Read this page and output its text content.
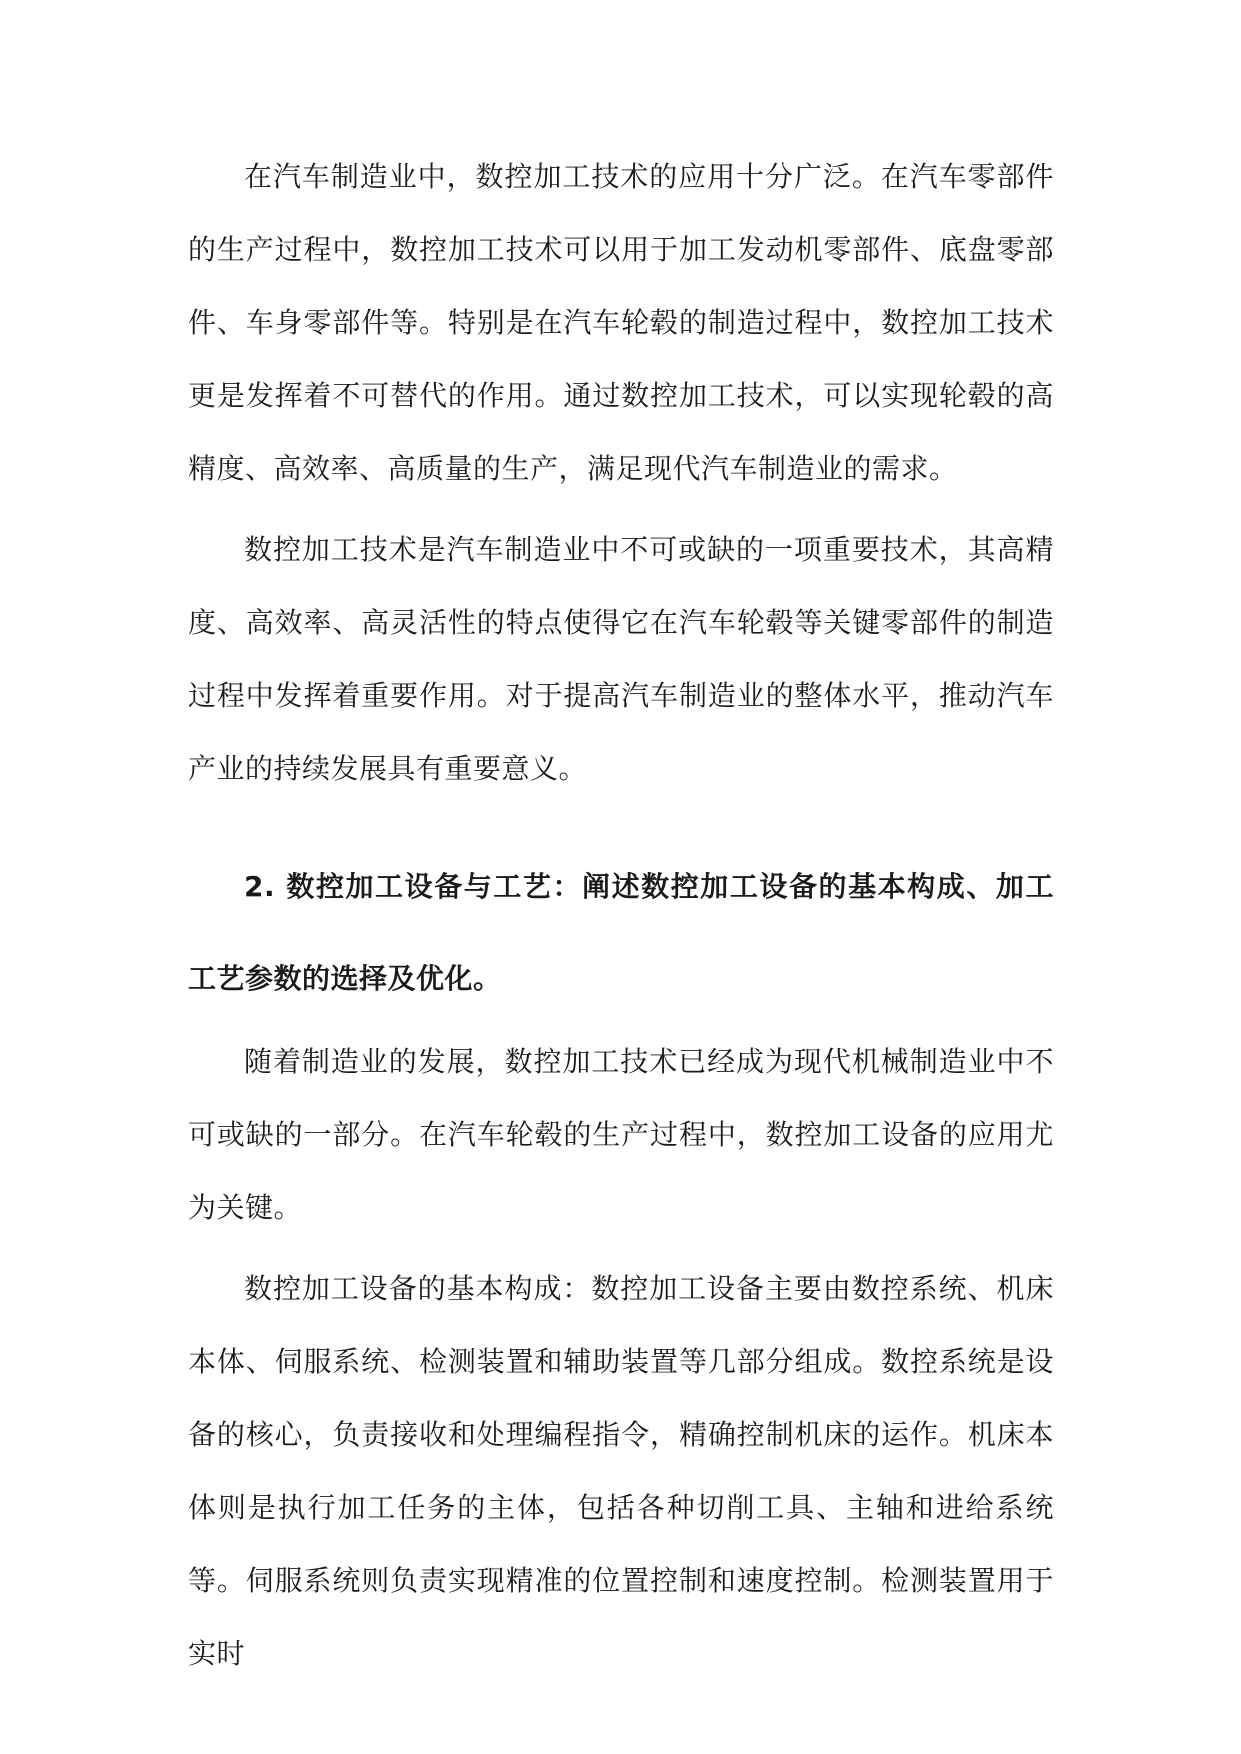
在汽车制造业中，数控加工技术的应用十分广泛。在汽车零部件的生产过程中，数控加工技术可以用于加工发动机零部件、底盘零部件、车身零部件等。特别是在汽车轮毂的制造过程中，数控加工技术更是发挥着不可替代的作用。通过数控加工技术，可以实现轮毂的高精度、高效率、高质量的生产，满足现代汽车制造业的需求。

数控加工技术是汽车制造业中不可或缺的一项重要技术，其高精度、高效率、高灵活性的特点使得它在汽车轮毂等关键零部件的制造过程中发挥着重要作用。对于提高汽车制造业的整体水平，推动汽车产业的持续发展具有重要意义。

2. 数控加工设备与工艺：阐述数控加工设备的基本构成、加工工艺参数的选择及优化。

随着制造业的发展，数控加工技术已经成为现代机械制造业中不可或缺的一部分。在汽车轮毂的生产过程中，数控加工设备的应用尤为关键。

数控加工设备的基本构成：数控加工设备主要由数控系统、机床本体、伺服系统、检测装置和辅助装置等几部分组成。数控系统是设备的核心，负责接收和处理编程指令，精确控制机床的运作。机床本体则是执行加工任务的主体，包括各种切削工具、主轴和进给系统等。伺服系统则负责实现精准的位置控制和速度控制。检测装置用于实时
